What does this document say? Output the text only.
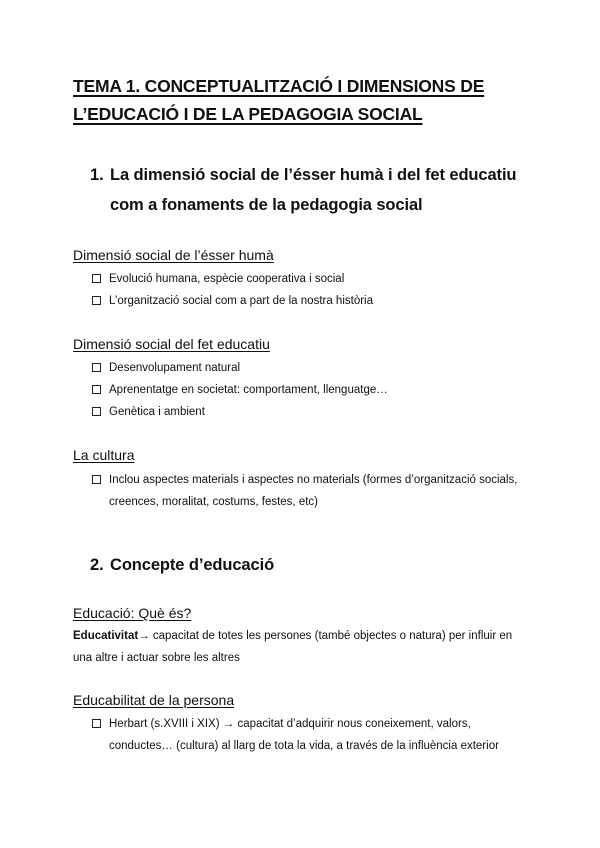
TEMA 1. CONCEPTUALITZACIÓ I DIMENSIONS DE
L’EDUCACIÓ I DE LA PEDAGOGIA SOCIAL
1. La dimensió social de l’ésser humà i del fet educatiu
com a fonaments de la pedagogia social
Dimensió social de l’ésser humà
Evolució humana, espècie cooperativa i social
L’organització social com a part de la nostra història
Dimensió social del fet educatiu
Desenvolupament natural
Aprenentatge en societat: comportament, llenguatge…
Genètica i ambient
La cultura
Inclou aspectes materials i aspectes no materials (formes d’organització socials, creences, moralitat, costums, festes, etc)
2. Concepte d’educació
Educació: Què és?
Educativitat→ capacitat de totes les persones (també objectes o natura) per influir en una altre i actuar sobre les altres
Educabilitat de la persona
Herbart (s.XVIII i XIX) → capacitat d’adquirir nous coneixement, valors, conductes… (cultura) al llarg de tota la vida, a través de la influència exterior
